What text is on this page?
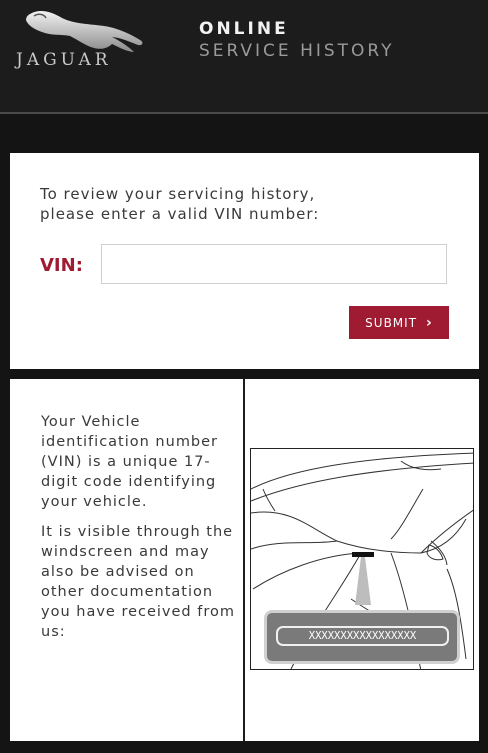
JAGUAR
ONLINE
SERVICE HISTORY
To review your servicing history,
please enter a valid VIN number:
VIN:
SUBMIT ›

Your Vehicle identification number (VIN) is a unique 17-digit code identifying your vehicle.

It is visible through the windscreen and may also be advised on other documentation you have received from us:	XXXXXXXXXXXXXXXXX
